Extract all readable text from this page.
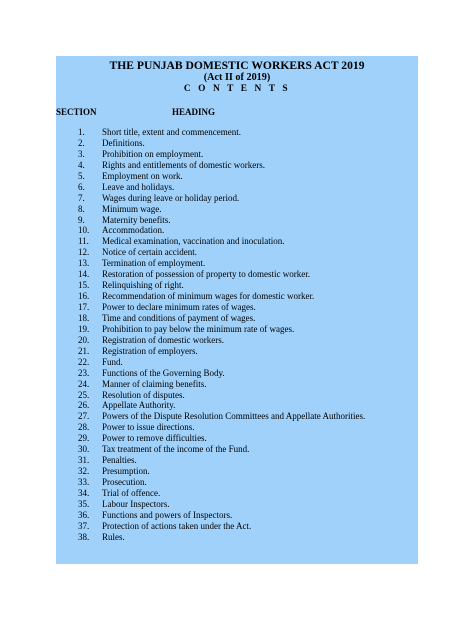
THE PUNJAB DOMESTIC WORKERS ACT 2019
(Act II of 2019)
C O N T E N T S
SECTION	HEADING
1.	Short title, extent and commencement.
2.	Definitions.
3.	Prohibition on employment.
4.	Rights and entitlements of domestic workers.
5.	Employment on work.
6.	Leave and holidays.
7.	Wages during leave or holiday period.
8.	Minimum wage.
9.	Maternity benefits.
10.	Accommodation.
11.	Medical examination, vaccination and inoculation.
12.	Notice of certain accident.
13.	Termination of employment.
14.	Restoration of possession of property to domestic worker.
15.	Relinquishing of right.
16.	Recommendation of minimum wages for domestic worker.
17.	Power to declare minimum rates of wages.
18.	Time and conditions of payment of wages.
19.	Prohibition to pay below the minimum rate of wages.
20.	Registration of domestic workers.
21.	Registration of employers.
22.	Fund.
23.	Functions of the Governing Body.
24.	Manner of claiming benefits.
25.	Resolution of disputes.
26.	Appellate Authority.
27.	Powers of the Dispute Resolution Committees and Appellate Authorities.
28.	Power to issue directions.
29.	Power to remove difficulties.
30.	Tax treatment of the income of the Fund.
31.	Penalties.
32.	Presumption.
33.	Prosecution.
34.	Trial of offence.
35.	Labour Inspectors.
36.	Functions and powers of Inspectors.
37.	Protection of actions taken under the Act.
38.	Rules.
